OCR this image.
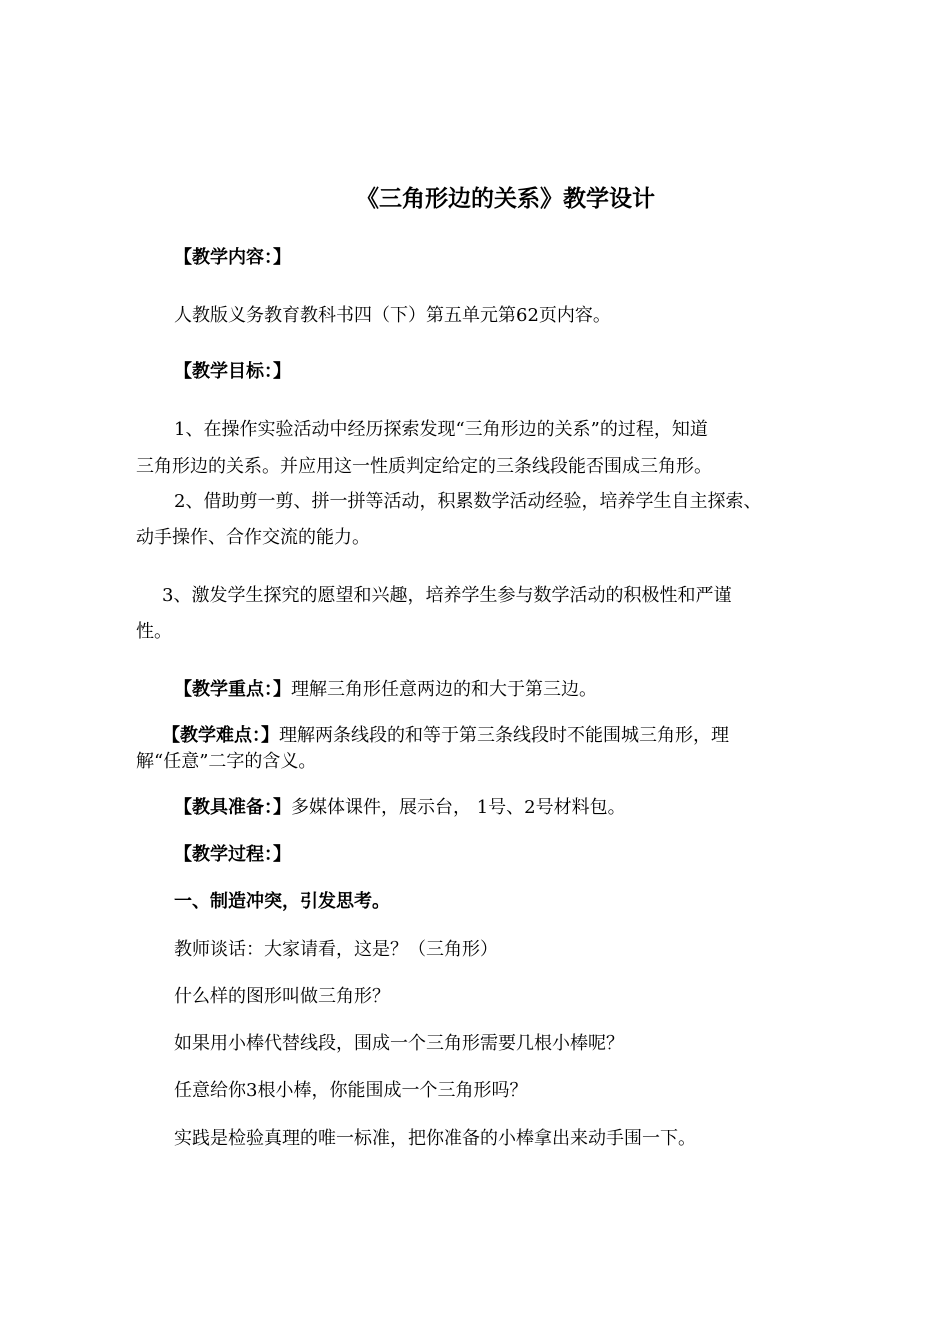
《三角形边的关系》教学设计
【教学内容：】
人教版义务教育教科书四（下）第五单元第62页内容。
【教学目标：】
1、在操作实验活动中经历探索发现“三角形边的关系”的过程，知道
三角形边的关系。并应用这一性质判定给定的三条线段能否围成三角形。
2、借助剪一剪、拼一拼等活动，积累数学活动经验，培养学生自主探索、
动手操作、合作交流的能力。
3、激发学生探究的愿望和兴趣，培养学生参与数学活动的积极性和严谨
性。
【教学重点：】理解三角形任意两边的和大于第三边。
【教学难点：】理解两条线段的和等于第三条线段时不能围城三角形，理
解“任意”二字的含义。
【教具准备：】多媒体课件，展示台， 1号、2号材料包。
【教学过程：】
一、制造冲突，引发思考。
教师谈话：大家请看，这是？（三角形）
什么样的图形叫做三角形？
如果用小棒代替线段，围成一个三角形需要几根小棒呢？
任意给你3根小棒，你能围成一个三角形吗？
实践是检验真理的唯一标准，把你准备的小棒拿出来动手围一下。
